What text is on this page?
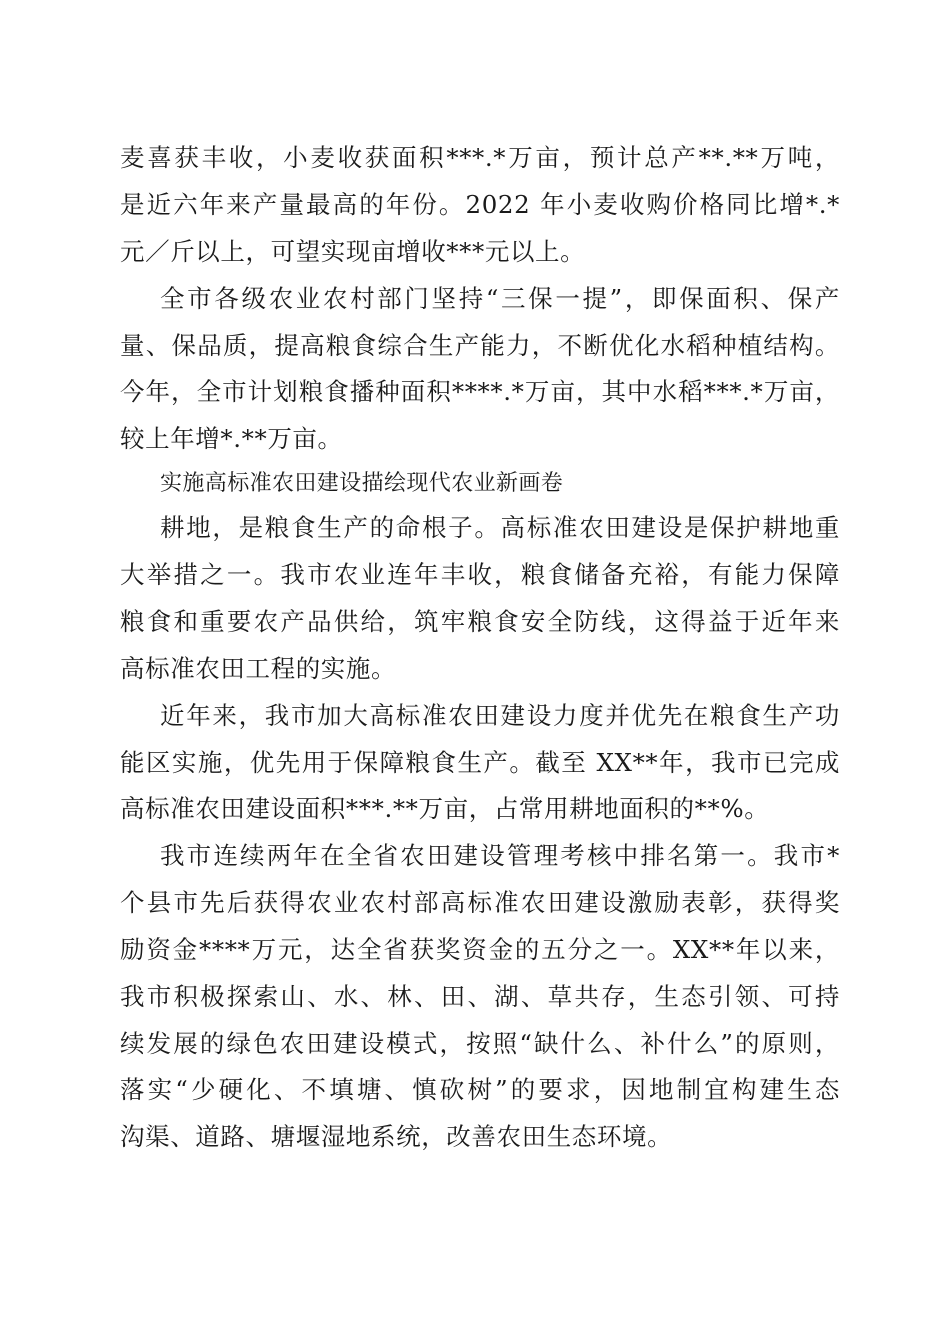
麦喜获丰收，小麦收获面积***.*万亩，预计总产**.**万吨，
是近六年来产量最高的年份。2022 年小麦收购价格同比增*.*
元／斤以上，可望实现亩增收***元以上。
全市各级农业农村部门坚持“三保一提”，即保面积、保产
量、保品质，提高粮食综合生产能力，不断优化水稻种植结构。
今年，全市计划粮食播种面积****.*万亩，其中水稻***.*万亩，
较上年增*.**万亩。
实施高标准农田建设描绘现代农业新画卷
耕地，是粮食生产的命根子。高标准农田建设是保护耕地重
大举措之一。我市农业连年丰收，粮食储备充裕，有能力保障
粮食和重要农产品供给，筑牢粮食安全防线，这得益于近年来
高标准农田工程的实施。
近年来，我市加大高标准农田建设力度并优先在粮食生产功
能区实施，优先用于保障粮食生产。截至 XX**年，我市已完成
高标准农田建设面积***.**万亩，占常用耕地面积的**%。
我市连续两年在全省农田建设管理考核中排名第一。我市*
个县市先后获得农业农村部高标准农田建设激励表彰，获得奖
励资金****万元，达全省获奖资金的五分之一。XX**年以来，
我市积极探索山、水、林、田、湖、草共存，生态引领、可持
续发展的绿色农田建设模式，按照“缺什么、补什么”的原则，
落实“少硬化、不填塘、慎砍树”的要求，因地制宜构建生态
沟渠、道路、塘堰湿地系统，改善农田生态环境。
